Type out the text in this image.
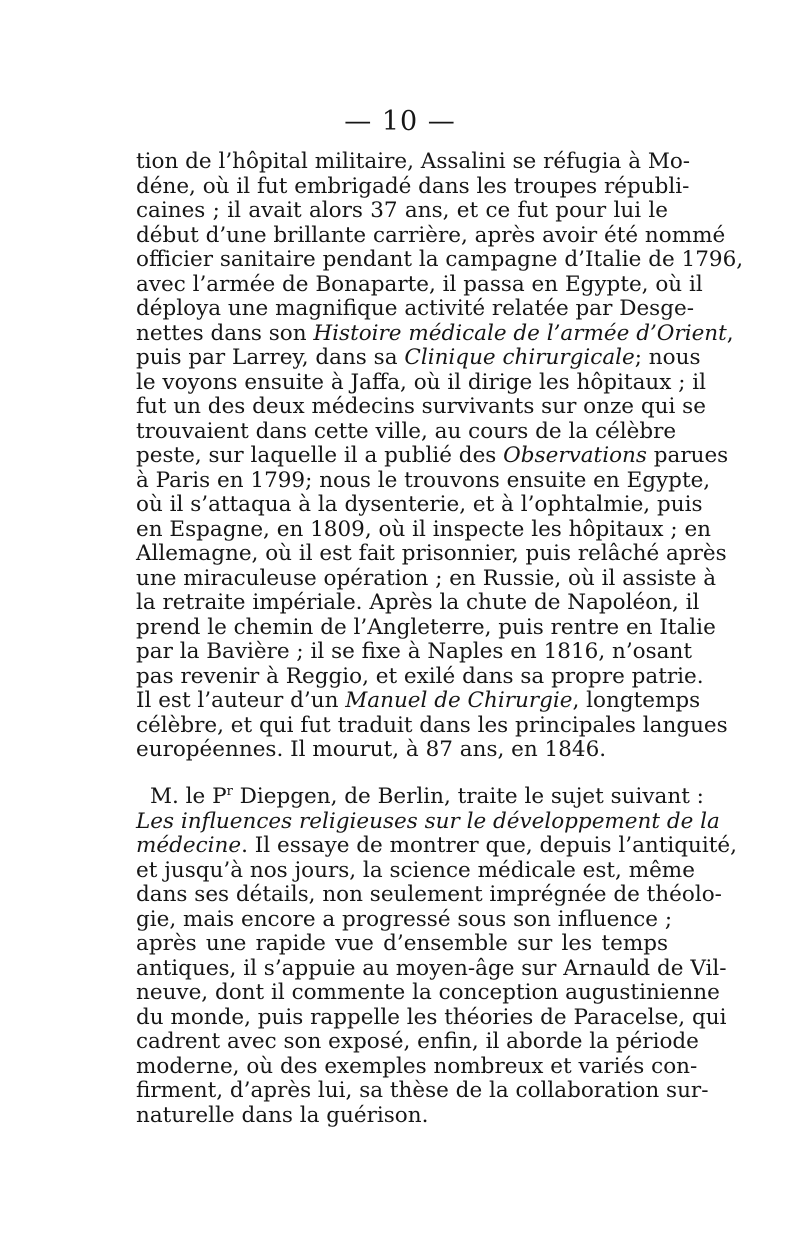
— 10 —
tion de l’hôpital militaire, Assalini se réfugia à Mo-
déne, où il fut embrigadé dans les troupes républi-
caines ; il avait alors 37 ans, et ce fut pour lui le
début d’une brillante carrière, après avoir été nommé
officier sanitaire pendant la campagne d’Italie de 1796,
avec l’armée de Bonaparte, il passa en Egypte, où il
déploya une magnifique activité relatée par Desge-
nettes dans son Histoire médicale de l’armée d’Orient,
puis par Larrey, dans sa Clinique chirurgicale; nous
le voyons ensuite à Jaffa, où il dirige les hôpitaux ; il
fut un des deux médecins survivants sur onze qui se
trouvaient dans cette ville, au cours de la célèbre
peste, sur laquelle il a publié des Observations parues
à Paris en 1799; nous le trouvons ensuite en Egypte,
où il s’attaqua à la dysenterie, et à l’ophtalmie, puis
en Espagne, en 1809, où il inspecte les hôpitaux ; en
Allemagne, où il est fait prisonnier, puis relâché après
une miraculeuse opération ; en Russie, où il assiste à
la retraite impériale. Après la chute de Napoléon, il
prend le chemin de l’Angleterre, puis rentre en Italie
par la Bavière ; il se fixe à Naples en 1816, n’osant
pas revenir à Reggio, et exilé dans sa propre patrie.
Il est l’auteur d’un Manuel de Chirurgie, longtemps
célèbre, et qui fut traduit dans les principales langues
européennes. Il mourut, à 87 ans, en 1846.
M. le $P^r$ Diepgen, de Berlin, traite le sujet suivant :
Les influences religieuses sur le développement de la
médecine. Il essaye de montrer que, depuis l’antiquité,
et jusqu’à nos jours, la science médicale est, même
dans ses détails, non seulement imprégnée de théolo-
gie, mais encore a progressé sous son influence ;
après une rapide vue d’ensemble sur les temps
antiques, il s’appuie au moyen-âge sur Arnauld de Vil-
neuve, dont il commente la conception augustinienne
du monde, puis rappelle les théories de Paracelse, qui
cadrent avec son exposé, enfin, il aborde la période
moderne, où des exemples nombreux et variés con-
firment, d’après lui, sa thèse de la collaboration sur-
naturelle dans la guérison.
